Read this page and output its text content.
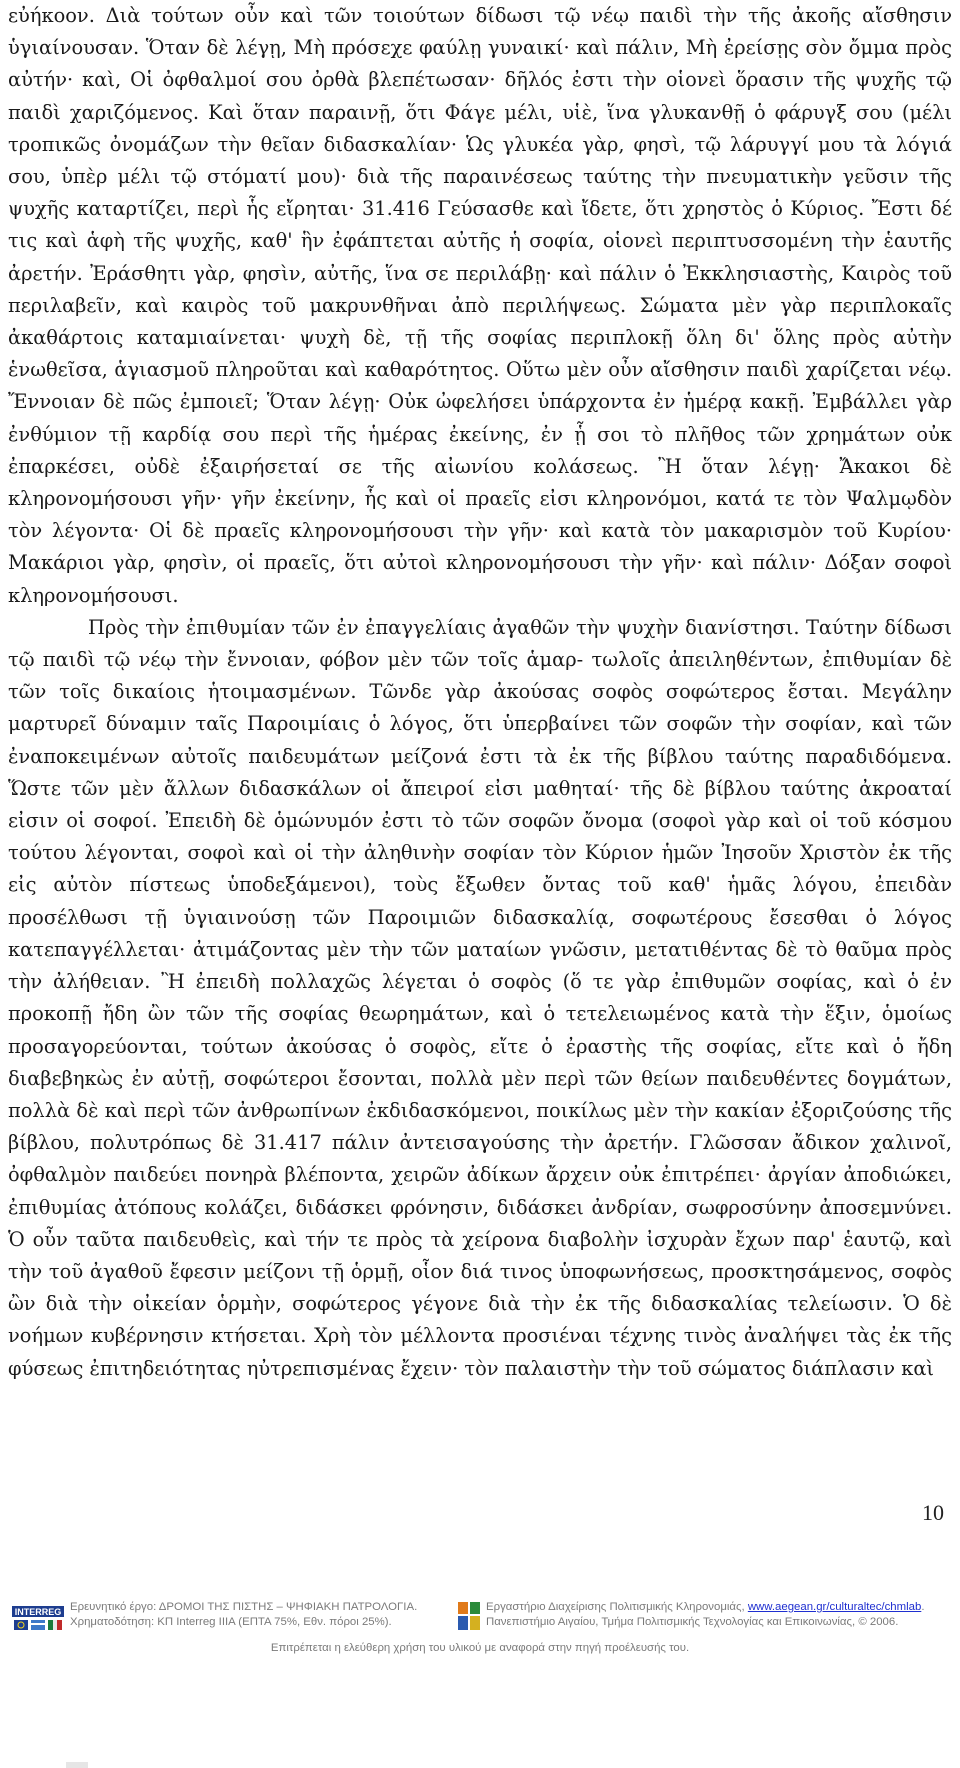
εὐήκοον. Διὰ τούτων οὖν καὶ τῶν τοιούτων δίδωσι τῷ νέῳ παιδὶ τὴν τῆς ἀκοῆς αἴσθησιν ὑγιαίνουσαν. Ὅταν δὲ λέγῃ, Μὴ πρόσεχε φαύλῃ γυναικί· καὶ πάλιν, Μὴ ἐρείσῃς σὸν ὄμμα πρὸς αὐτήν· καὶ, Οἱ ὀφθαλμοί σου ὀρθὰ βλεπέτωσαν· δῆλός ἐστι τὴν οἱονεὶ ὅρασιν τῆς ψυχῆς τῷ παιδὶ χαριζόμενος. Καὶ ὅταν παραινῇ, ὅτι Φάγε μέλι, υἱὲ, ἵνα γλυκανθῇ ὁ φάρυγξ σου (μέλι τροπικῶς ὀνομάζων τὴν θεῖαν διδασκαλίαν· Ὡς γλυκέα γὰρ, φησὶ, τῷ λάρυγγί μου τὰ λόγιά σου, ὑπὲρ μέλι τῷ στόματί μου)· διὰ τῆς παραινέσεως ταύτης τὴν πνευματικὴν γεῦσιν τῆς ψυχῆς καταρτίζει, περὶ ἧς εἴρηται· 31.416 Γεύσασθε καὶ ἴδετε, ὅτι χρηστὸς ὁ Κύριος. Ἔστι δέ τις καὶ ἁφὴ τῆς ψυχῆς, καθ' ἣν ἐφάπτεται αὐτῆς ἡ σοφία, οἱονεὶ περιπτυσσομένη τὴν ἑαυτῆς ἀρετήν. Ἐράσθητι γὰρ, φησὶν, αὐτῆς, ἵνα σε περιλάβῃ· καὶ πάλιν ὁ Ἐκκλησιαστὴς, Καιρὸς τοῦ περιλαβεῖν, καὶ καιρὸς τοῦ μακρυνθῆναι ἀπὸ περιλήψεως. Σώματα μὲν γὰρ περιπλοκαῖς ἀκαθάρτοις καταμιαίνεται· ψυχὴ δὲ, τῇ τῆς σοφίας περιπλοκῇ ὅλη δι' ὅλης πρὸς αὐτὴν ἑνωθεῖσα, ἁγιασμοῦ πληροῦται καὶ καθαρότητος. Οὕτω μὲν οὖν αἴσθησιν παιδὶ χαρίζεται νέῳ. Ἔννοιαν δὲ πῶς ἐμποιεῖ; Ὅταν λέγῃ· Οὐκ ὠφελήσει ὑπάρχοντα ἐν ἡμέρᾳ κακῇ. Ἐμβάλλει γὰρ ἐνθύμιον τῇ καρδίᾳ σου περὶ τῆς ἡμέρας ἐκείνης, ἐν ᾗ σοι τὸ πλῆθος τῶν χρημάτων οὐκ ἐπαρκέσει, οὐδὲ ἐξαιρήσεταί σε τῆς αἰωνίου κολάσεως. Ἢ ὅταν λέγῃ· Ἄκακοι δὲ κληρονομήσουσι γῆν· γῆν ἐκείνην, ἧς καὶ οἱ πραεῖς εἰσι κληρονόμοι, κατά τε τὸν Ψαλμῳδὸν τὸν λέγοντα· Οἱ δὲ πραεῖς κληρονομήσουσι τὴν γῆν· καὶ κατὰ τὸν μακαρισμὸν τοῦ Κυρίου· Μακάριοι γὰρ, φησὶν, οἱ πραεῖς, ὅτι αὐτοὶ κληρονομήσουσι τὴν γῆν· καὶ πάλιν· Δόξαν σοφοὶ κληρονομήσουσι.

Πρὸς τὴν ἐπιθυμίαν τῶν ἐν ἐπαγγελίαις ἀγαθῶν τὴν ψυχὴν διανίστησι. Ταύτην δίδωσι τῷ παιδὶ τῷ νέῳ τὴν ἔννοιαν, φόβον μὲν τῶν τοῖς ἁμαρ- τωλοῖς ἀπειληθέντων, ἐπιθυμίαν δὲ τῶν τοῖς δικαίοις ἡτοιμασμένων. Τῶνδε γὰρ ἀκούσας σοφὸς σοφώτερος ἔσται. Μεγάλην μαρτυρεῖ δύναμιν ταῖς Παροιμίαις ὁ λόγος, ὅτι ὑπερβαίνει τῶν σοφῶν τὴν σοφίαν, καὶ τῶν ἐναποκειμένων αὐτοῖς παιδευμάτων μείζονά ἐστι τὰ ἐκ τῆς βίβλου ταύτης παραδιδόμενα. Ὥστε τῶν μὲν ἄλλων διδασκάλων οἱ ἄπειροί εἰσι μαθηταί· τῆς δὲ βίβλου ταύτης ἀκροαταί εἰσιν οἱ σοφοί. Ἐπειδὴ δὲ ὁμώνυμόν ἐστι τὸ τῶν σοφῶν ὄνομα (σοφοὶ γὰρ καὶ οἱ τοῦ κόσμου τούτου λέγονται, σοφοὶ καὶ οἱ τὴν ἀληθινὴν σοφίαν τὸν Κύριον ἡμῶν Ἰησοῦν Χριστὸν ἐκ τῆς εἰς αὐτὸν πίστεως ὑποδεξάμενοι), τοὺς ἔξωθεν ὄντας τοῦ καθ' ἡμᾶς λόγου, ἐπειδὰν προσέλθωσι τῇ ὑγιαινούσῃ τῶν Παροιμιῶν διδασκαλίᾳ, σοφωτέρους ἔσεσθαι ὁ λόγος κατεπαγγέλλεται· ἀτιμάζοντας μὲν τὴν τῶν ματαίων γνῶσιν, μετατιθέντας δὲ τὸ θαῦμα πρὸς τὴν ἀλήθειαν. Ἢ ἐπειδὴ πολλαχῶς λέγεται ὁ σοφὸς (ὅ τε γὰρ ἐπιθυμῶν σοφίας, καὶ ὁ ἐν προκοπῇ ἤδη ὢν τῶν τῆς σοφίας θεωρημάτων, καὶ ὁ τετελειωμένος κατὰ τὴν ἕξιν, ὁμοίως προσαγορεύονται, τούτων ἀκούσας ὁ σοφὸς, εἴτε ὁ ἐραστὴς τῆς σοφίας, εἴτε καὶ ὁ ἤδη διαβεβηκὼς ἐν αὐτῇ, σοφώτεροι ἔσονται, πολλὰ μὲν περὶ τῶν θείων παιδευθέντες δογμάτων, πολλὰ δὲ καὶ περὶ τῶν ἀνθρωπίνων ἐκδιδασκόμενοι, ποικίλως μὲν τὴν κακίαν ἐξοριζούσης τῆς βίβλου, πολυτρόπως δὲ 31.417 πάλιν ἀντεισαγούσης τὴν ἀρετήν. Γλῶσσαν ἄδικον χαλινοῖ, ὀφθαλμὸν παιδεύει πονηρὰ βλέποντα, χειρῶν ἀδίκων ἄρχειν οὐκ ἐπιτρέπει· ἀργίαν ἀποδιώκει, ἐπιθυμίας ἀτόπους κολάζει, διδάσκει φρόνησιν, διδάσκει ἀνδρίαν, σωφροσύνην ἀποσεμνύνει. Ὁ οὖν ταῦτα παιδευθεὶς, καὶ τήν τε πρὸς τὰ χείρονα διαβολὴν ἰσχυρὰν ἔχων παρ' ἑαυτῷ, καὶ τὴν τοῦ ἀγαθοῦ ἔφεσιν μείζονι τῇ ὁρμῇ, οἷον διά τινος ὑποφωνήσεως, προσκτησάμενος, σοφὸς ὢν διὰ τὴν οἰκείαν ὁρμὴν, σοφώτερος γέγονε διὰ τὴν ἐκ τῆς διδασκαλίας τελείωσιν. Ὁ δὲ νοήμων κυβέρνησιν κτήσεται. Χρὴ τὸν μέλλοντα προσιέναι τέχνης τινὸς ἀναλήψει τὰς ἐκ τῆς φύσεως ἐπιτηδειότητας ηὐτρεπισμένας ἔχειν· τὸν παλαιστὴν τὴν τοῦ σώματος διάπλασιν καὶ

10
INTERREG Ερευνητικό έργο: ΔΡΟΜΟΙ ΤΗΣ ΠΙΣΤΗΣ – ΨΗΦΙΑΚΗ ΠΑΤΡΟΛΟΓΙΑ.
Χρηματοδότηση: ΚΠ Interreg IIIA (ΕΠΤΑ 75%, Εθν. πόροι 25%).
Εργαστήριο Διαχείρισης Πολιτισμικής Κληρονομιάς, www.aegean.gr/culturaltec/chmlab.
Πανεπιστήμιο Αιγαίου, Τμήμα Πολιτισμικής Τεχνολογίας και Επικοινωνίας, © 2006.
Επιτρέπεται η ελεύθερη χρήση του υλικού με αναφορά στην πηγή προέλευσής του.
